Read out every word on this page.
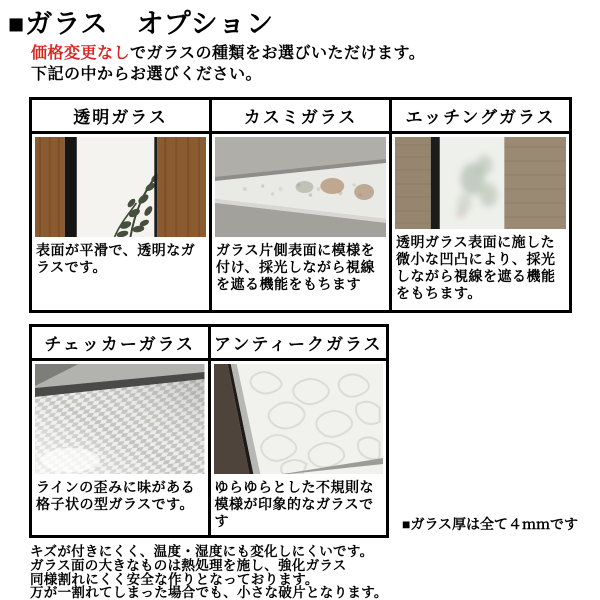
■ガラス　オプション
価格変更なしでガラスの種類をお選びいただけます。
下記の中からお選びください。
透明ガラス
表面が平滑で、透明なガラスです。
カスミガラス
ガラス片側表面に模様を付け、採光しながら視線を遮る機能をもちます
エッチングガラス
透明ガラス表面に施した微小な凹凸により、採光しながら視線を遮る機能をもちます。
チェッカーガラス
ラインの歪みに味がある格子状の型ガラスです。
アンティークガラス
ゆらゆらとした不規則な模様が印象的なガラスです	■ガラス厚は全て４ｍｍです
キズが付きにくく、温度・湿度にも変化しにくいです。
ガラス面の大きなものは熱処理を施し、強化ガラス
同様割れにくく安全な作りとなっております。
万が一割れてしまった場合でも、小さな破片となります。
